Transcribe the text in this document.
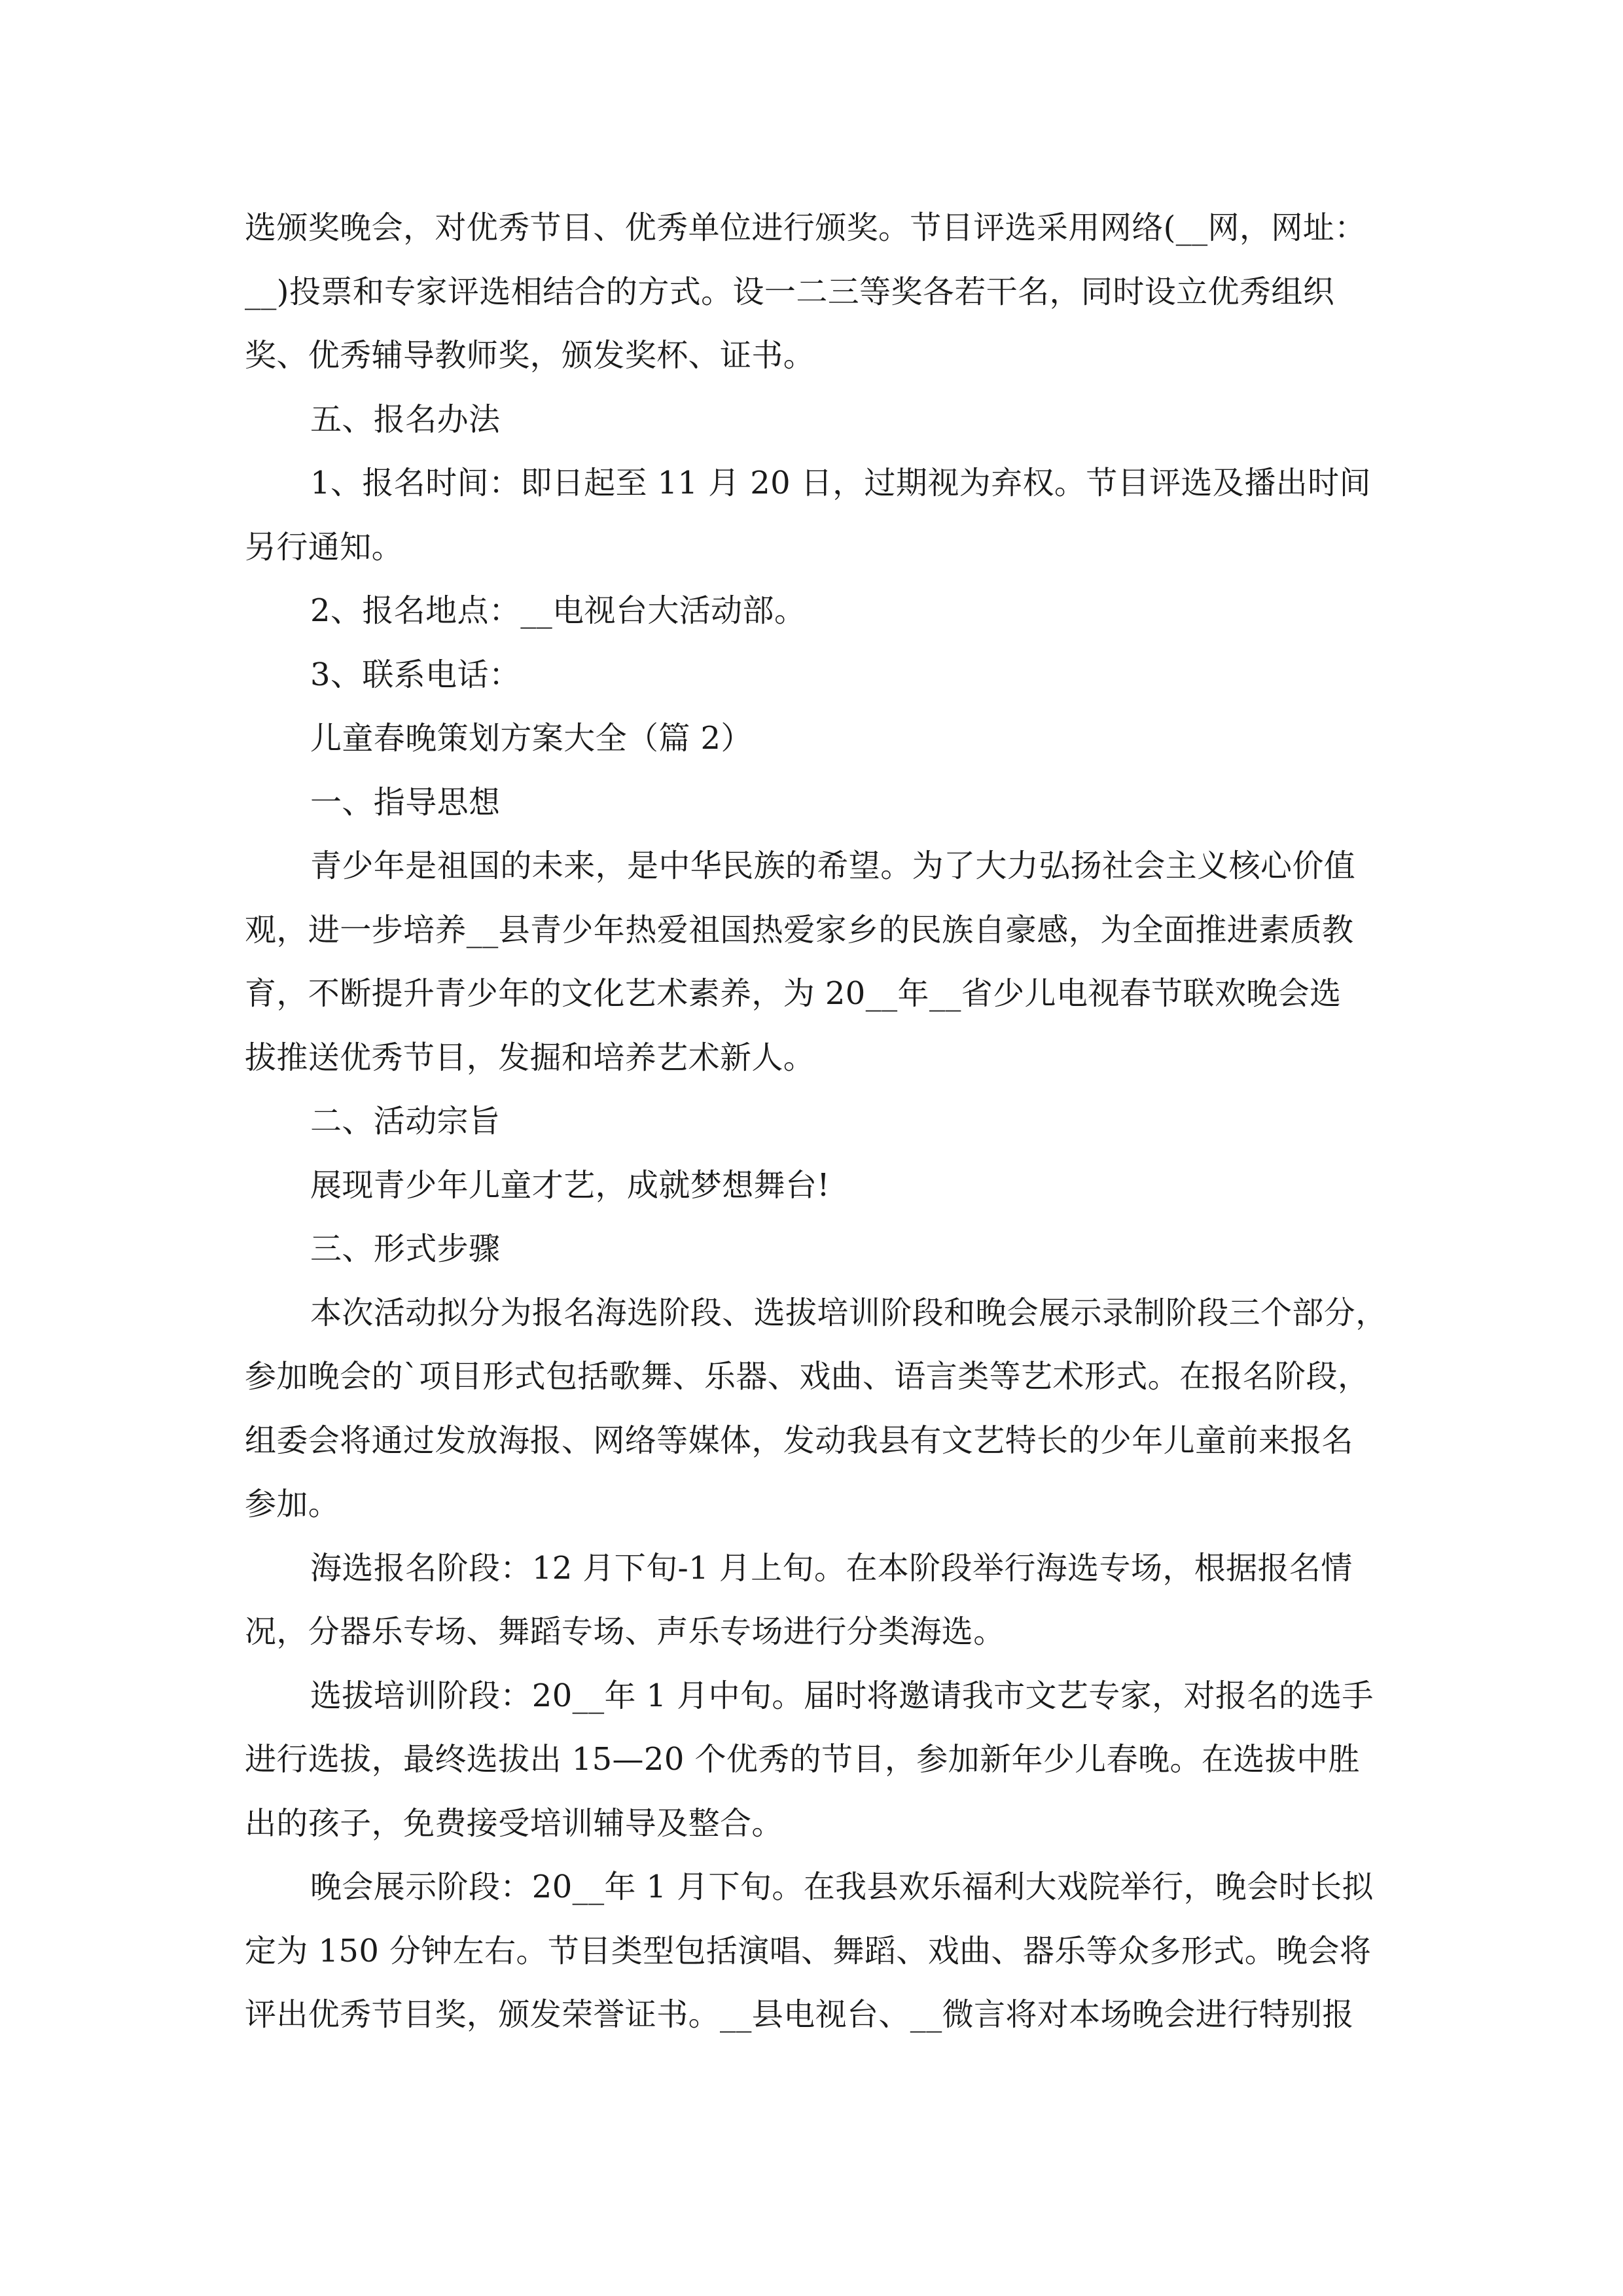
选颁奖晚会，对优秀节目、优秀单位进行颁奖。节目评选采用网络(__网，网址：
__)投票和专家评选相结合的方式。设一二三等奖各若干名，同时设立优秀组织
奖、优秀辅导教师奖，颁发奖杯、证书。
五、报名办法
1、报名时间：即日起至 11 月 20 日，过期视为弃权。节目评选及播出时间
另行通知。
2、报名地点：__电视台大活动部。
3、联系电话：
儿童春晚策划方案大全（篇 2）
一、指导思想
青少年是祖国的未来，是中华民族的希望。为了大力弘扬社会主义核心价值
观，进一步培养__县青少年热爱祖国热爱家乡的民族自豪感，为全面推进素质教
育，不断提升青少年的文化艺术素养，为 20__年__省少儿电视春节联欢晚会选
拔推送优秀节目，发掘和培养艺术新人。
二、活动宗旨
展现青少年儿童才艺，成就梦想舞台!
三、形式步骤
本次活动拟分为报名海选阶段、选拔培训阶段和晚会展示录制阶段三个部分，
参加晚会的`项目形式包括歌舞、乐器、戏曲、语言类等艺术形式。在报名阶段，
组委会将通过发放海报、网络等媒体，发动我县有文艺特长的少年儿童前来报名
参加。
海选报名阶段：12 月下旬-1 月上旬。在本阶段举行海选专场，根据报名情
况，分器乐专场、舞蹈专场、声乐专场进行分类海选。
选拔培训阶段：20__年 1 月中旬。届时将邀请我市文艺专家，对报名的选手
进行选拔，最终选拔出 15—20 个优秀的节目，参加新年少儿春晚。在选拔中胜
出的孩子，免费接受培训辅导及整合。
晚会展示阶段：20__年 1 月下旬。在我县欢乐福利大戏院举行，晚会时长拟
定为 150 分钟左右。节目类型包括演唱、舞蹈、戏曲、器乐等众多形式。晚会将
评出优秀节目奖，颁发荣誉证书。__县电视台、__微言将对本场晚会进行特别报
